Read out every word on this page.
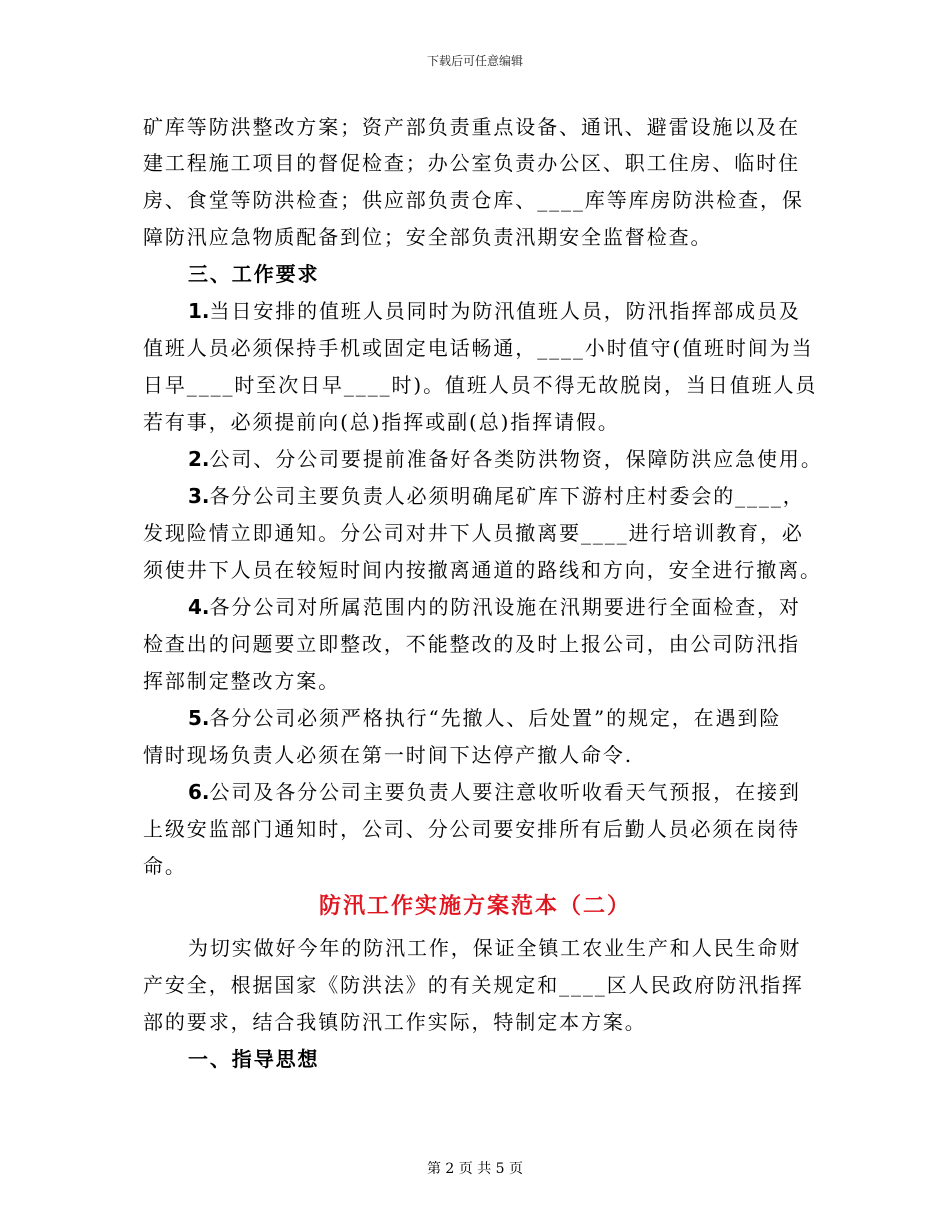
下载后可任意编辑
矿库等防洪整改方案；资产部负责重点设备、通讯、避雷设施以及在
建工程施工项目的督促检查；办公室负责办公区、职工住房、临时住
房、食堂等防洪检查；供应部负责仓库、____库等库房防洪检查，保
障防汛应急物质配备到位；安全部负责汛期安全监督检查。
三、工作要求
1.当日安排的值班人员同时为防汛值班人员，防汛指挥部成员及
值班人员必须保持手机或固定电话畅通，____小时值守(值班时间为当
日早____时至次日早____时)。值班人员不得无故脱岗，当日值班人员
若有事，必须提前向(总)指挥或副(总)指挥请假。
2.公司、分公司要提前准备好各类防洪物资，保障防洪应急使用。
3.各分公司主要负责人必须明确尾矿库下游村庄村委会的____，
发现险情立即通知。分公司对井下人员撤离要____进行培训教育，必
须使井下人员在较短时间内按撤离通道的路线和方向，安全进行撤离。
4.各分公司对所属范围内的防汛设施在汛期要进行全面检查，对
检查出的问题要立即整改，不能整改的及时上报公司，由公司防汛指
挥部制定整改方案。
5.各分公司必须严格执行“先撤人、后处置”的规定，在遇到险
情时现场负责人必须在第一时间下达停产撤人命令.
6.公司及各分公司主要负责人要注意收听收看天气预报，在接到
上级安监部门通知时，公司、分公司要安排所有后勤人员必须在岗待
命。
防汛工作实施方案范本（二）
为切实做好今年的防汛工作，保证全镇工农业生产和人民生命财
产安全，根据国家《防洪法》的有关规定和____区人民政府防汛指挥
部的要求，结合我镇防汛工作实际，特制定本方案。
一、指导思想
第 2 页 共 5 页
